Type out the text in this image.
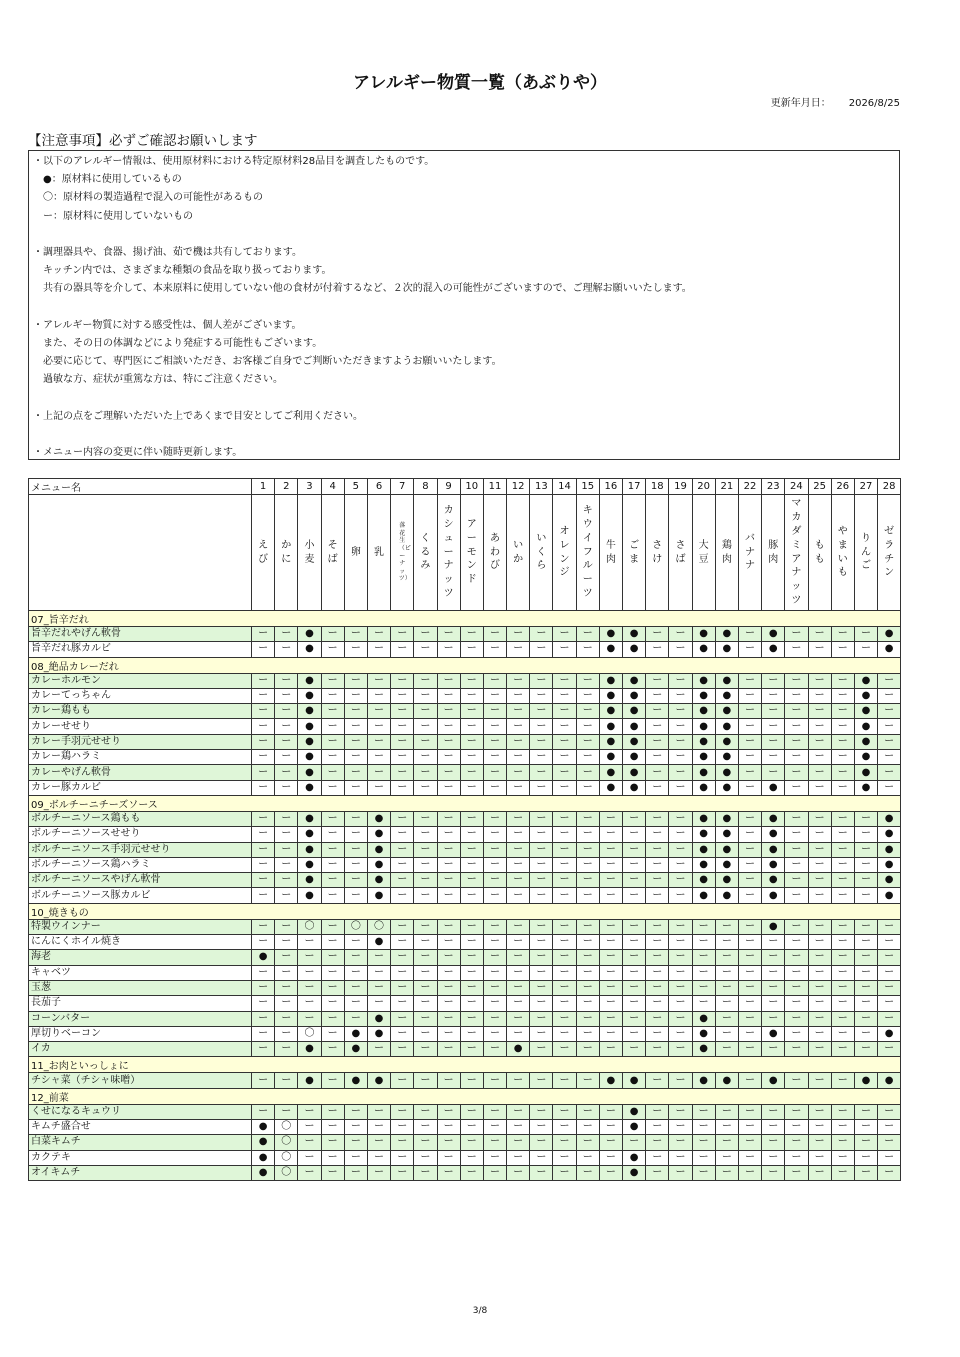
アレルギー物質一覧（あぶりや）
更新年月日： 2026/8/25
【注意事項】必ずご確認お願いします
・以下のアレルギー情報は、使用原材料における特定原材料28品目を調査したものです。
　●：原材料に使用しているもの
　〇：原材料の製造過程で混入の可能性があるもの
　ー：原材料に使用していないもの
・調理器具や、食器、揚げ油、茹で機は共有しております。
　キッチン内では、さまざまな種類の食品を取り扱っております。
　共有の器具等を介して、本来原料に使用していない他の食材が付着するなど、２次的混入の可能性がございますので、ご理解お願いいたします。
・アレルギー物質に対する感受性は、個人差がございます。
　また、その日の体調などにより発症する可能性もございます。
　必要に応じて、専門医にご相談いただき、お客様ご自身でご判断いただきますようお願いいたします。
　過敏な方、症状が重篤な方は、特にご注意ください。
・上記の点をご理解いただいた上であくまで目安としてご利用ください。
・メニュー内容の変更に伴い随時更新します。
メニュー名	1	2	3	4	5	6	7	8	9	10	11	12	13	14	15	16	17	18	19	20	21	22	23	24	25	26	27	28
	えび	かに	小麦	そば	卵	乳	落花生（ピーナッツ）	くるみ	カシューナッツ	アーモンド	あわび	いか	いくら	オレンジ	キウイフルーツ	牛肉	ごま	さけ	さば	大豆	鶏肉	バナナ	豚肉	マカダミアナッツ	もも	やまいも	りんご	ゼラチン
07_旨辛だれ																												
旨辛だれやげん軟骨	ー	ー	●	ー	ー	ー	ー	ー	ー	ー	ー	ー	ー	ー	ー	●	●	ー	ー	●	●	ー	●	ー	ー	ー	ー	●
旨辛だれ豚カルビ	ー	ー	●	ー	ー	ー	ー	ー	ー	ー	ー	ー	ー	ー	ー	●	●	ー	ー	●	●	ー	●	ー	ー	ー	ー	●
08_絶品カレーだれ																												
カレーホルモン	ー	ー	●	ー	ー	ー	ー	ー	ー	ー	ー	ー	ー	ー	ー	●	●	ー	ー	●	●	ー	ー	ー	ー	ー	●	ー
カレーてっちゃん	ー	ー	●	ー	ー	ー	ー	ー	ー	ー	ー	ー	ー	ー	ー	●	●	ー	ー	●	●	ー	ー	ー	ー	ー	●	ー
カレー鶏もも	ー	ー	●	ー	ー	ー	ー	ー	ー	ー	ー	ー	ー	ー	ー	●	●	ー	ー	●	●	ー	ー	ー	ー	ー	●	ー
カレーせせり	ー	ー	●	ー	ー	ー	ー	ー	ー	ー	ー	ー	ー	ー	ー	●	●	ー	ー	●	●	ー	ー	ー	ー	ー	●	ー
カレー手羽元せせり	ー	ー	●	ー	ー	ー	ー	ー	ー	ー	ー	ー	ー	ー	ー	●	●	ー	ー	●	●	ー	ー	ー	ー	ー	●	ー
カレー鶏ハラミ	ー	ー	●	ー	ー	ー	ー	ー	ー	ー	ー	ー	ー	ー	ー	●	●	ー	ー	●	●	ー	ー	ー	ー	ー	●	ー
カレーやげん軟骨	ー	ー	●	ー	ー	ー	ー	ー	ー	ー	ー	ー	ー	ー	ー	●	●	ー	ー	●	●	ー	ー	ー	ー	ー	●	ー
カレー豚カルビ	ー	ー	●	ー	ー	ー	ー	ー	ー	ー	ー	ー	ー	ー	ー	●	●	ー	ー	●	●	ー	●	ー	ー	ー	●	ー
09_ボルチーニチーズソース																												
ボルチーニソース鶏もも	ー	ー	●	ー	ー	●	ー	ー	ー	ー	ー	ー	ー	ー	ー	ー	ー	ー	ー	●	●	ー	●	ー	ー	ー	ー	●
ボルチーニソースせせり	ー	ー	●	ー	ー	●	ー	ー	ー	ー	ー	ー	ー	ー	ー	ー	ー	ー	ー	●	●	ー	●	ー	ー	ー	ー	●
ボルチーニソース手羽元せせり	ー	ー	●	ー	ー	●	ー	ー	ー	ー	ー	ー	ー	ー	ー	ー	ー	ー	ー	●	●	ー	●	ー	ー	ー	ー	●
ボルチーニソース鶏ハラミ	ー	ー	●	ー	ー	●	ー	ー	ー	ー	ー	ー	ー	ー	ー	ー	ー	ー	ー	●	●	ー	●	ー	ー	ー	ー	●
ボルチーニソースやげん軟骨	ー	ー	●	ー	ー	●	ー	ー	ー	ー	ー	ー	ー	ー	ー	ー	ー	ー	ー	●	●	ー	●	ー	ー	ー	ー	●
ボルチーニソース豚カルビ	ー	ー	●	ー	ー	●	ー	ー	ー	ー	ー	ー	ー	ー	ー	ー	ー	ー	ー	●	●	ー	●	ー	ー	ー	ー	●
10_焼きもの																												
特製ウインナー	ー	ー	〇	ー	〇	〇	ー	ー	ー	ー	ー	ー	ー	ー	ー	ー	ー	ー	ー	ー	ー	ー	●	ー	ー	ー	ー	ー
にんにくホイル焼き	ー	ー	ー	ー	ー	●	ー	ー	ー	ー	ー	ー	ー	ー	ー	ー	ー	ー	ー	ー	ー	ー	ー	ー	ー	ー	ー	ー
海老	●	ー	ー	ー	ー	ー	ー	ー	ー	ー	ー	ー	ー	ー	ー	ー	ー	ー	ー	ー	ー	ー	ー	ー	ー	ー	ー	ー
キャベツ	ー	ー	ー	ー	ー	ー	ー	ー	ー	ー	ー	ー	ー	ー	ー	ー	ー	ー	ー	ー	ー	ー	ー	ー	ー	ー	ー	ー
玉葱	ー	ー	ー	ー	ー	ー	ー	ー	ー	ー	ー	ー	ー	ー	ー	ー	ー	ー	ー	ー	ー	ー	ー	ー	ー	ー	ー	ー
長茄子	ー	ー	ー	ー	ー	ー	ー	ー	ー	ー	ー	ー	ー	ー	ー	ー	ー	ー	ー	ー	ー	ー	ー	ー	ー	ー	ー	ー
コーンバター	ー	ー	ー	ー	ー	●	ー	ー	ー	ー	ー	ー	ー	ー	ー	ー	ー	ー	ー	●	ー	ー	ー	ー	ー	ー	ー	ー
厚切りベーコン	ー	ー	〇	ー	●	●	ー	ー	ー	ー	ー	ー	ー	ー	ー	ー	ー	ー	ー	●	ー	ー	●	ー	ー	ー	ー	●
イカ	ー	ー	●	ー	●	ー	ー	ー	ー	ー	ー	●	ー	ー	ー	ー	ー	ー	ー	●	ー	ー	ー	ー	ー	ー	ー	ー
11_お肉といっしょに																												
チシャ菜（チシャ味噌）	ー	ー	●	ー	●	●	ー	ー	ー	ー	ー	ー	ー	ー	ー	●	●	ー	ー	●	●	ー	●	ー	ー	ー	●	●
12_前菜																												
くせになるキュウリ	ー	ー	ー	ー	ー	ー	ー	ー	ー	ー	ー	ー	ー	ー	ー	ー	●	ー	ー	ー	ー	ー	ー	ー	ー	ー	ー	ー
キムチ盛合せ	●	〇	ー	ー	ー	ー	ー	ー	ー	ー	ー	ー	ー	ー	ー	ー	●	ー	ー	ー	ー	ー	ー	ー	ー	ー	ー	ー
白菜キムチ	●	〇	ー	ー	ー	ー	ー	ー	ー	ー	ー	ー	ー	ー	ー	ー	ー	ー	ー	ー	ー	ー	ー	ー	ー	ー	ー	ー
カクテキ	●	〇	ー	ー	ー	ー	ー	ー	ー	ー	ー	ー	ー	ー	ー	ー	●	ー	ー	ー	ー	ー	ー	ー	ー	ー	ー	ー
オイキムチ	●	〇	ー	ー	ー	ー	ー	ー	ー	ー	ー	ー	ー	ー	ー	ー	●	ー	ー	ー	ー	ー	ー	ー	ー	ー	ー	ー
3/8
